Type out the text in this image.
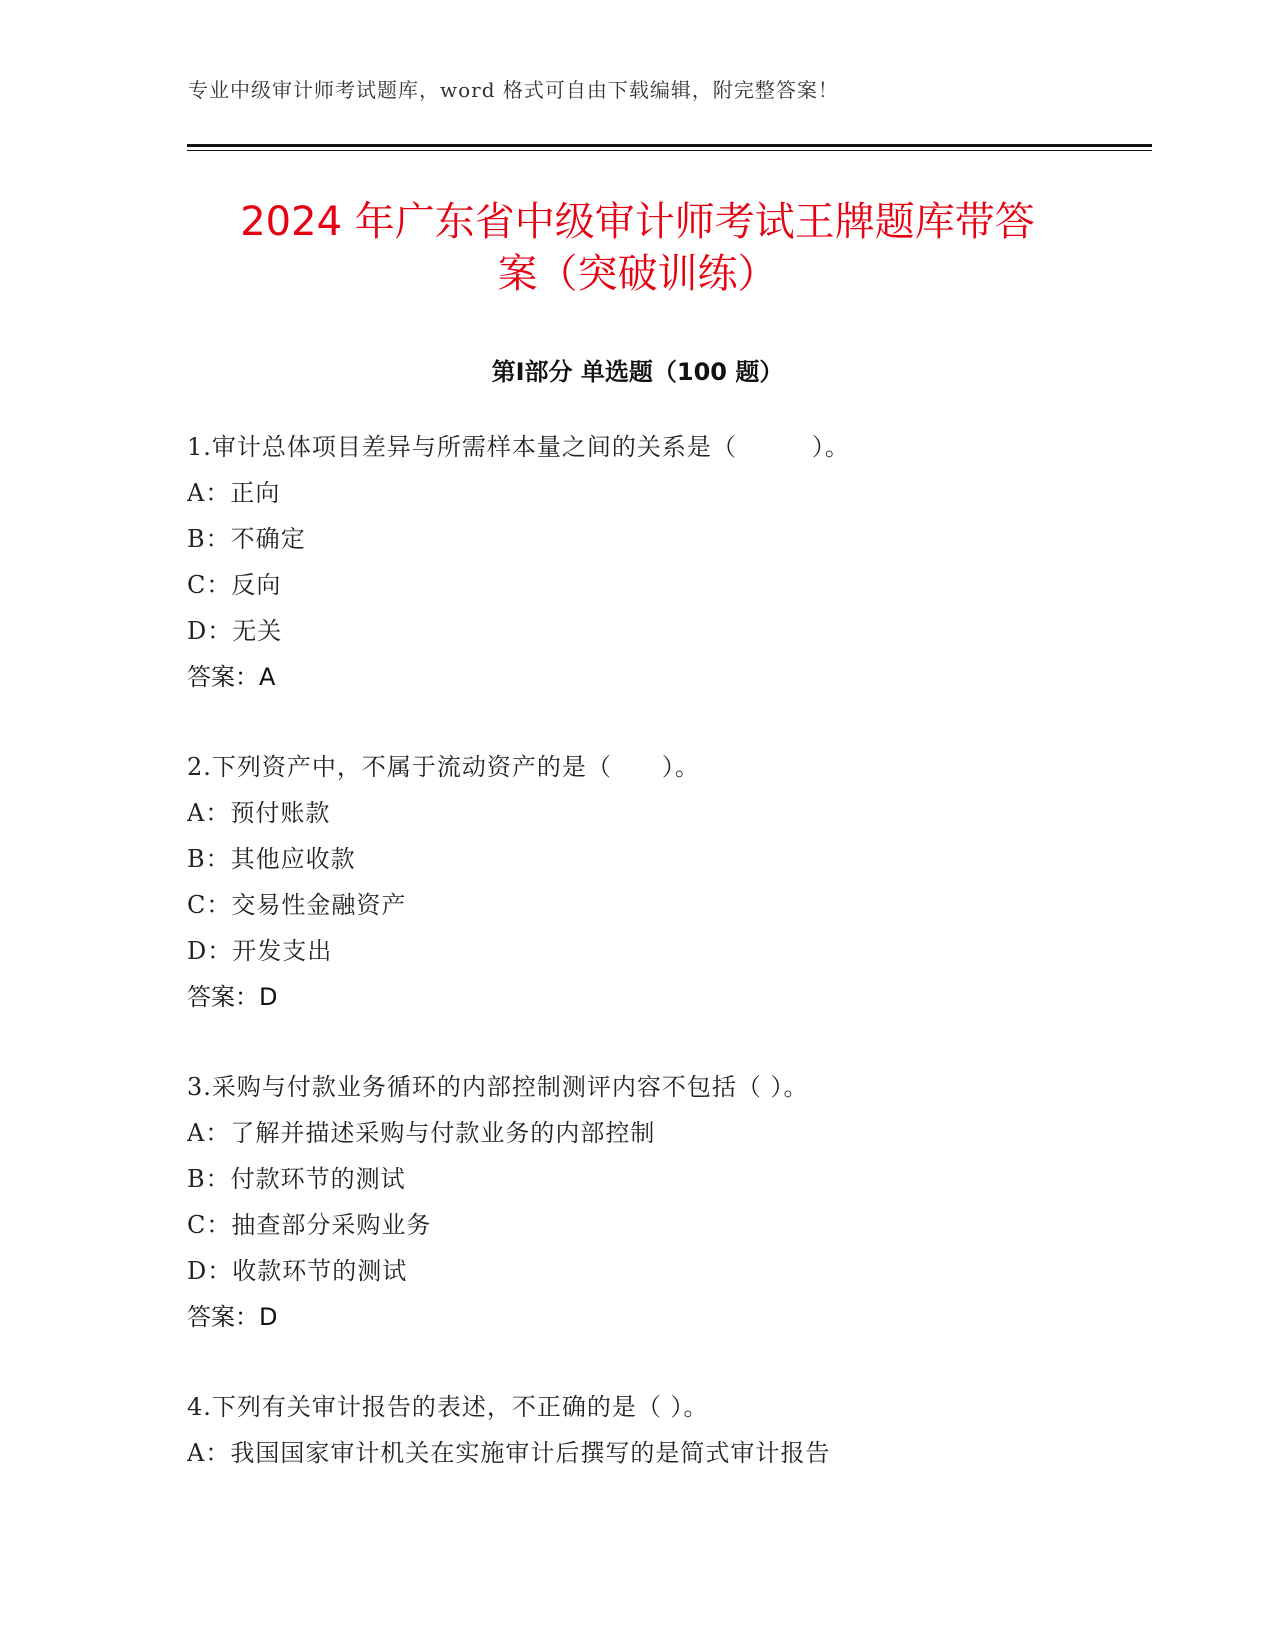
专业中级审计师考试题库，word 格式可自由下载编辑，附完整答案！
2024 年广东省中级审计师考试王牌题库带答
案（突破训练）
第Ⅰ部分 单选题（100 题）
1.审计总体项目差异与所需样本量之间的关系是（　　　）。
A：正向
B：不确定
C：反向
D：无关
答案：A
2.下列资产中，不属于流动资产的是（　　）。
A：预付账款
B：其他应收款
C：交易性金融资产
D：开发支出
答案：D
3.采购与付款业务循环的内部控制测评内容不包括（ ）。
A：了解并描述采购与付款业务的内部控制
B：付款环节的测试
C：抽查部分采购业务
D：收款环节的测试
答案：D
4.下列有关审计报告的表述，不正确的是（ ）。
A：我国国家审计机关在实施审计后撰写的是简式审计报告
